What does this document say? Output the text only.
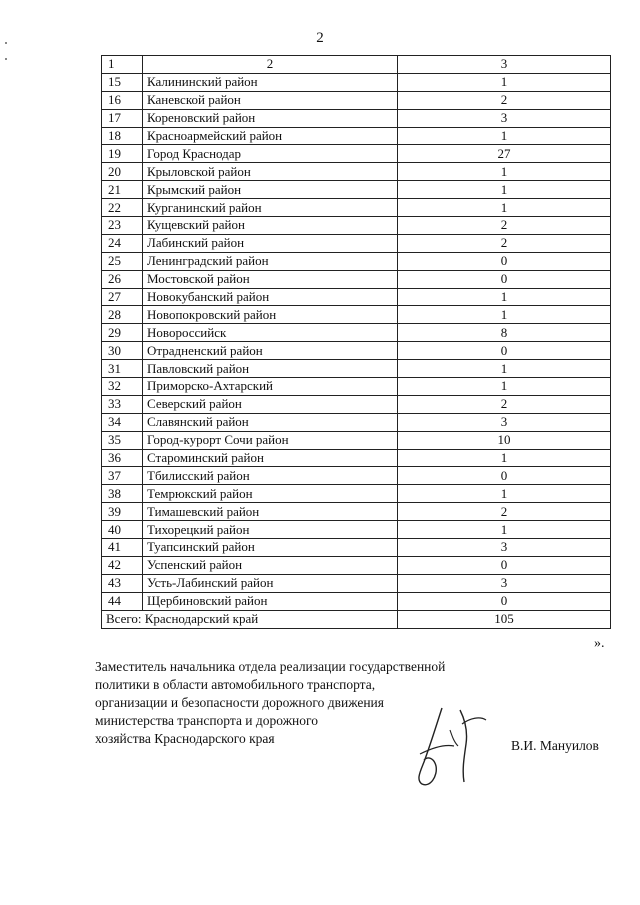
2
1	2	3
15	Калининский район	1
16	Каневской район	2
17	Кореновский район	3
18	Красноармейский район	1
19	Город Краснодар	27
20	Крыловской район	1
21	Крымский район	1
22	Курганинский район	1
23	Кущевский район	2
24	Лабинский район	2
25	Ленинградский район	0
26	Мостовской район	0
27	Новокубанский район	1
28	Новопокровский район	1
29	Новороссийск	8
30	Отрадненский район	0
31	Павловский район	1
32	Приморско-Ахтарский	1
33	Северский район	2
34	Славянский район	3
35	Город-курорт Сочи район	10
36	Староминский район	1
37	Тбилисский район	0
38	Темрюкский район	1
39	Тимашевский район	2
40	Тихорецкий район	1
41	Туапсинский район	3
42	Успенский район	0
43	Усть-Лабинский район	3
44	Щербиновский район	0
Всего: Краснодарский край		105
».
Заместитель начальника отдела реализации государственной
политики в области автомобильного транспорта,
организации и безопасности дорожного движения
министерства транспорта и дорожного
хозяйства Краснодарского края	В.И. Мануилов
